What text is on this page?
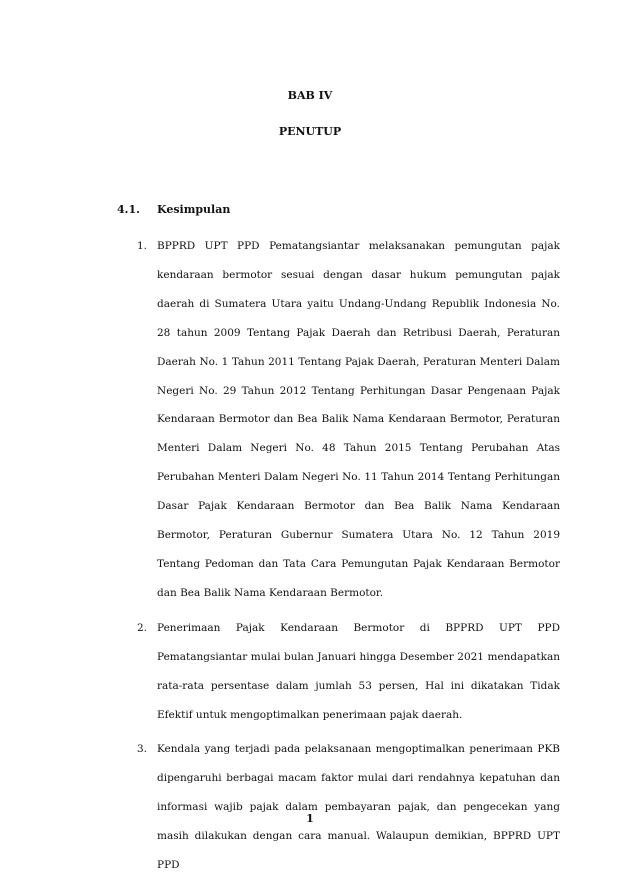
BAB IV
PENUTUP
4.1. Kesimpulan
1. BPPRD UPT PPD Pematangsiantar melaksanakan pemungutan pajak kendaraan bermotor sesuai dengan dasar hukum pemungutan pajak daerah di Sumatera Utara yaitu Undang-Undang Republik Indonesia No. 28 tahun 2009 Tentang Pajak Daerah dan Retribusi Daerah, Peraturan Daerah No. 1 Tahun 2011 Tentang Pajak Daerah, Peraturan Menteri Dalam Negeri No. 29 Tahun 2012 Tentang Perhitungan Dasar Pengenaan Pajak Kendaraan Bermotor dan Bea Balik Nama Kendaraan Bermotor, Peraturan Menteri Dalam Negeri No. 48 Tahun 2015 Tentang Perubahan Atas Perubahan Menteri Dalam Negeri No. 11 Tahun 2014 Tentang Perhitungan Dasar Pajak Kendaraan Bermotor dan Bea Balik Nama Kendaraan Bermotor, Peraturan Gubernur Sumatera Utara No. 12 Tahun 2019 Tentang Pedoman dan Tata Cara Pemungutan Pajak Kendaraan Bermotor dan Bea Balik Nama Kendaraan Bermotor.
2. Penerimaan Pajak Kendaraan Bermotor di BPPRD UPT PPD Pematangsiantar mulai bulan Januari hingga Desember 2021 mendapatkan rata-rata persentase dalam jumlah 53 persen, Hal ini dikatakan Tidak Efektif untuk mengoptimalkan penerimaan pajak daerah.
3. Kendala yang terjadi pada pelaksanaan mengoptimalkan penerimaan PKB dipengaruhi berbagai macam faktor mulai dari rendahnya kepatuhan dan informasi wajib pajak dalam pembayaran pajak, dan pengecekan yang masih dilakukan dengan cara manual. Walaupun demikian, BPPRD UPT PPD
1
